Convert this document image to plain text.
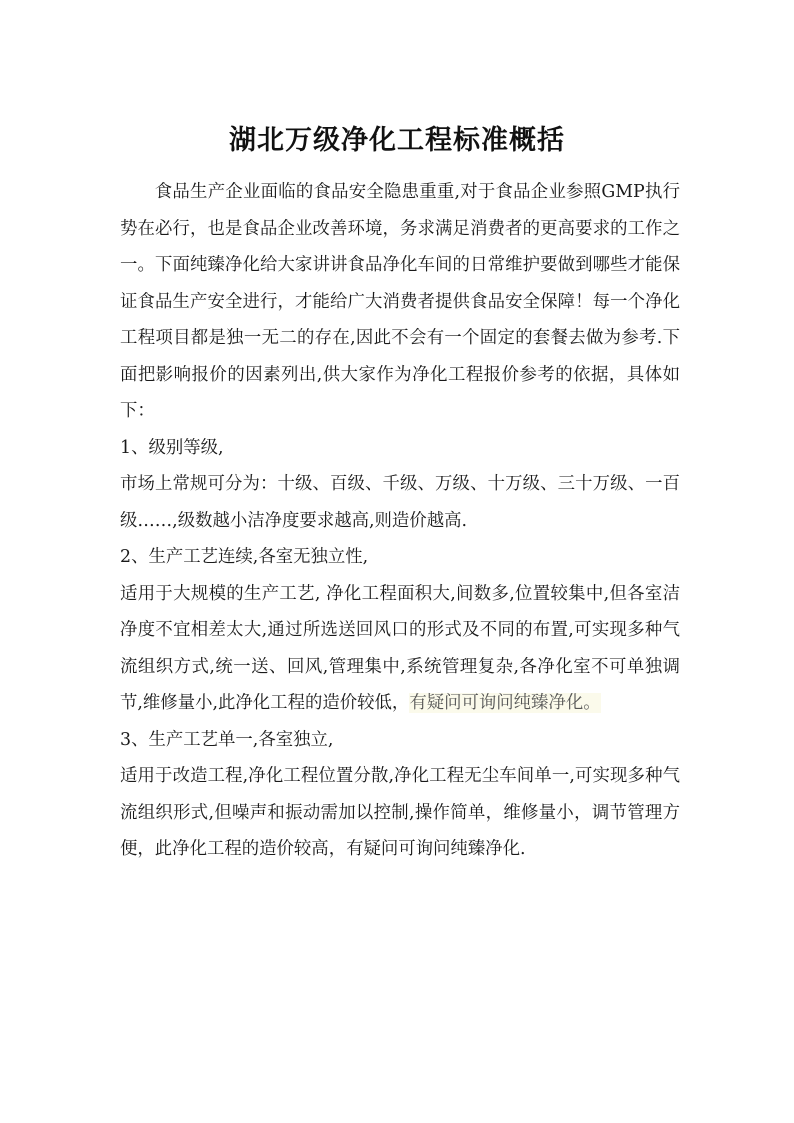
湖北万级净化工程标准概括

食品生产企业面临的食品安全隐患重重,对于食品企业参照GMP执行势在必行，也是食品企业改善环境，务求满足消费者的更高要求的工作之一。下面纯臻净化给大家讲讲食品净化车间的日常维护要做到哪些才能保证食品生产安全进行，才能给广大消费者提供食品安全保障！每一个净化工程项目都是独一无二的存在,因此不会有一个固定的套餐去做为参考.下面把影响报价的因素列出,供大家作为净化工程报价参考的依据，具体如下：

1、级别等级,

市场上常规可分为：十级、百级、千级、万级、十万级、三十万级、一百级……,级数越小洁净度要求越高,则造价越高.

2、生产工艺连续,各室无独立性,

适用于大规模的生产工艺, 净化工程面积大,间数多,位置较集中,但各室洁净度不宜相差太大,通过所选送回风口的形式及不同的布置,可实现多种气流组织方式,统一送、回风,管理集中,系统管理复杂,各净化室不可单独调节,维修量小,此净化工程的造价较低，有疑问可询问纯臻净化。

3、生产工艺单一,各室独立,

适用于改造工程,净化工程位置分散,净化工程无尘车间单一,可实现多种气流组织形式,但噪声和振动需加以控制,操作简单，维修量小，调节管理方便，此净化工程的造价较高，有疑问可询问纯臻净化.
